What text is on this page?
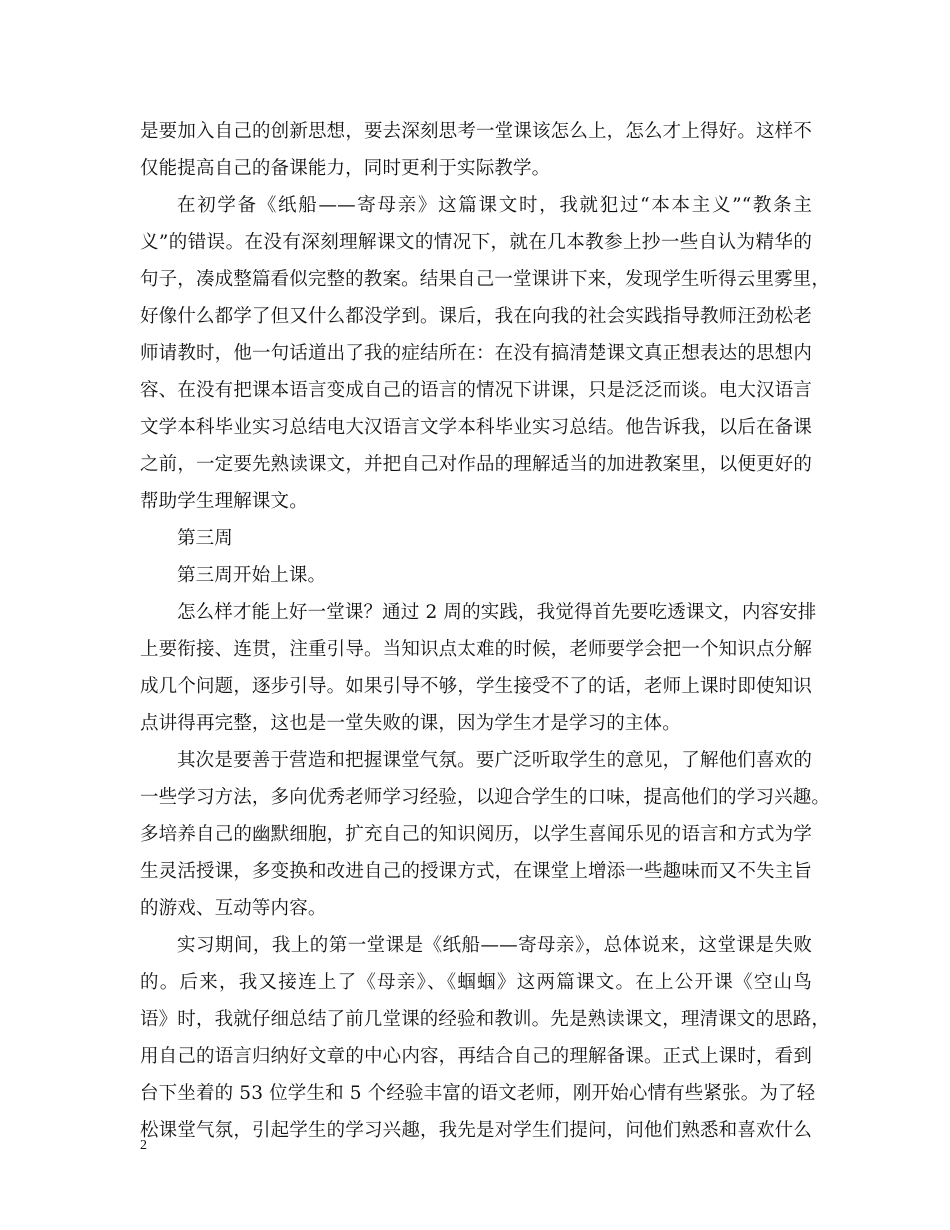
是要加入自己的创新思想，要去深刻思考一堂课该怎么上，怎么才上得好。这样不
仅能提高自己的备课能力，同时更利于实际教学。
在初学备《纸船——寄母亲》这篇课文时，我就犯过“本本主义”“教条主
义”的错误。在没有深刻理解课文的情况下，就在几本教参上抄一些自认为精华的
句子，凑成整篇看似完整的教案。结果自己一堂课讲下来，发现学生听得云里雾里，
好像什么都学了但又什么都没学到。课后，我在向我的社会实践指导教师汪劲松老
师请教时，他一句话道出了我的症结所在：在没有搞清楚课文真正想表达的思想内
容、在没有把课本语言变成自己的语言的情况下讲课，只是泛泛而谈。电大汉语言
文学本科毕业实习总结电大汉语言文学本科毕业实习总结。他告诉我，以后在备课
之前，一定要先熟读课文，并把自己对作品的理解适当的加进教案里，以便更好的
帮助学生理解课文。
第三周
第三周开始上课。
怎么样才能上好一堂课？通过 2 周的实践，我觉得首先要吃透课文，内容安排
上要衔接、连贯，注重引导。当知识点太难的时候，老师要学会把一个知识点分解
成几个问题，逐步引导。如果引导不够，学生接受不了的话，老师上课时即使知识
点讲得再完整，这也是一堂失败的课，因为学生才是学习的主体。
其次是要善于营造和把握课堂气氛。要广泛听取学生的意见，了解他们喜欢的
一些学习方法，多向优秀老师学习经验，以迎合学生的口味，提高他们的学习兴趣。
多培养自己的幽默细胞，扩充自己的知识阅历，以学生喜闻乐见的语言和方式为学
生灵活授课，多变换和改进自己的授课方式，在课堂上增添一些趣味而又不失主旨
的游戏、互动等内容。
实习期间，我上的第一堂课是《纸船——寄母亲》，总体说来，这堂课是失败
的。后来，我又接连上了《母亲》、《蝈蝈》这两篇课文。在上公开课《空山鸟
语》时，我就仔细总结了前几堂课的经验和教训。先是熟读课文，理清课文的思路，
用自己的语言归纳好文章的中心内容，再结合自己的理解备课。正式上课时，看到
台下坐着的 53 位学生和 5 个经验丰富的语文老师，刚开始心情有些紧张。为了轻
松课堂气氛，引起学生的学习兴趣，我先是对学生们提问，问他们熟悉和喜欢什么
2
